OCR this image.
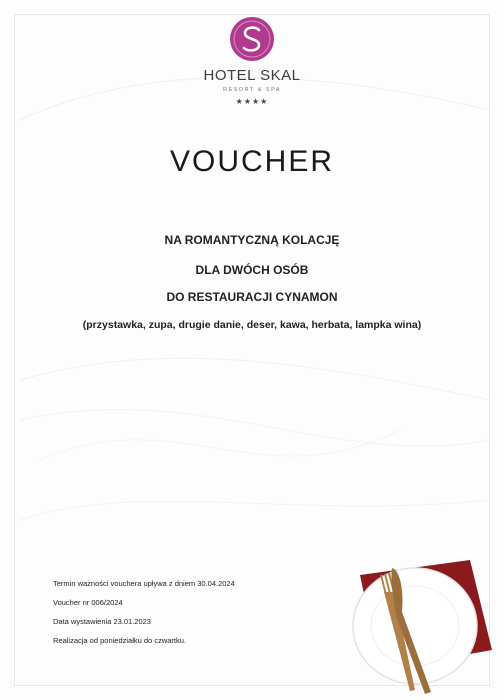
HOTEL SKAL
RESORT & SPA
★★★★
VOUCHER
NA ROMANTYCZNĄ KOLACJĘ
DLA DWÓCH OSÓB
DO RESTAURACJI CYNAMON
(przystawka, zupa, drugie danie, deser, kawa, herbata, lampka wina)
Termin ważności vouchera upływa z dniem 30.04.2024
Voucher nr 006/2024
Data wystawienia 23.01.2023
Realizacja od poniedziałku do czwartku.
